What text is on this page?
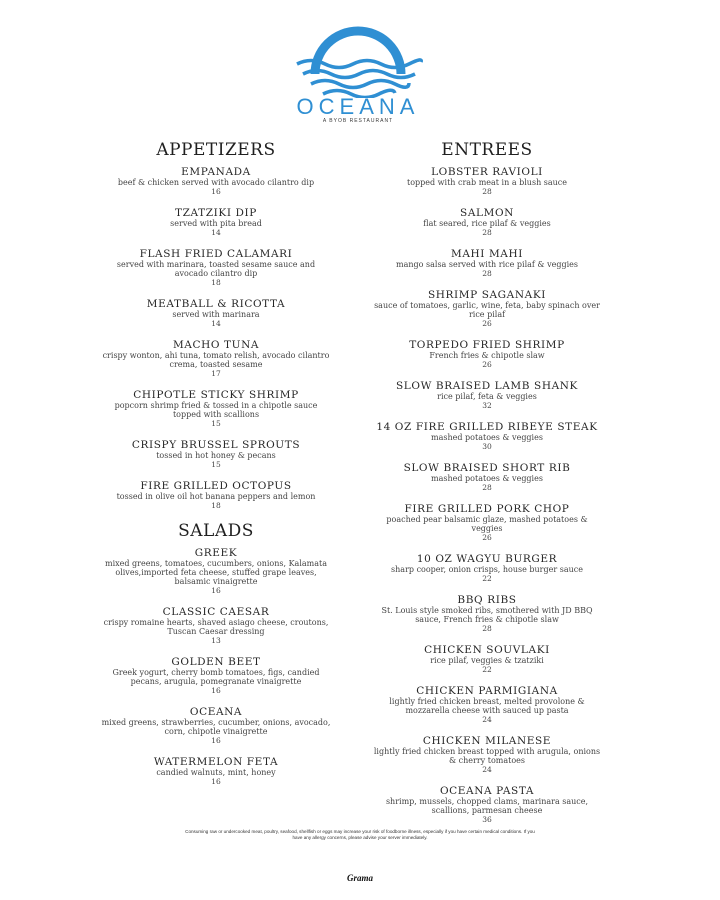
OCEANA
A BYOB RESTAURANT
APPETIZERS
EMPANADA
beef & chicken served with avocado cilantro dip
16
TZATZIKI DIP
served with pita bread
14
FLASH FRIED CALAMARI
served with marinara, toasted sesame sauce and avocado cilantro dip
18
MEATBALL & RICOTTA
served with marinara
14
MACHO TUNA
crispy wonton, ahi tuna, tomato relish, avocado cilantro crema, toasted sesame
17
CHIPOTLE STICKY SHRIMP
popcorn shrimp fried & tossed in a chipotle sauce topped with scallions
15
CRISPY BRUSSEL SPROUTS
tossed in hot honey & pecans
15
FIRE GRILLED OCTOPUS
tossed in olive oil hot banana peppers and lemon
18
SALADS
GREEK
mixed greens, tomatoes, cucumbers, onions, Kalamata olives,imported feta cheese, stuffed grape leaves, balsamic vinaigrette
16
CLASSIC CAESAR
crispy romaine hearts, shaved asiago cheese, croutons, Tuscan Caesar dressing
13
GOLDEN BEET
Greek yogurt, cherry bomb tomatoes, figs, candied pecans, arugula, pomegranate vinaigrette
16
OCEANA
mixed greens, strawberries, cucumber, onions, avocado, corn, chipotle vinaigrette
16
WATERMELON FETA
candied walnuts, mint, honey
16
ENTREES
LOBSTER RAVIOLI
topped with crab meat in a blush sauce
28
SALMON
flat seared, rice pilaf & veggies
28
MAHI MAHI
mango salsa served with rice pilaf & veggies
28
SHRIMP SAGANAKI
sauce of tomatoes, garlic, wine, feta, baby spinach over rice pilaf
26
TORPEDO FRIED SHRIMP
French fries & chipotle slaw
26
SLOW BRAISED LAMB SHANK
rice pilaf, feta & veggies
32
14 OZ FIRE GRILLED RIBEYE STEAK
mashed potatoes & veggies
30
SLOW BRAISED SHORT RIB
mashed potatoes & veggies
28
FIRE GRILLED PORK CHOP
poached pear balsamic glaze, mashed potatoes & veggies
26
10 OZ WAGYU BURGER
sharp cooper, onion crisps, house burger sauce
22
BBQ RIBS
St. Louis style smoked ribs, smothered with JD BBQ sauce, French fries & chipotle slaw
28
CHICKEN SOUVLAKI
rice pilaf, veggies & tzatziki
22
CHICKEN PARMIGIANA
lightly fried chicken breast, melted provolone & mozzarella cheese with sauced up pasta
24
CHICKEN MILANESE
lightly fried chicken breast topped with arugula, onions & cherry tomatoes
24
OCEANA PASTA
shrimp, mussels, chopped clams, marinara sauce, scallions, parmesan cheese
36
Consuming raw or undercooked meat, poultry, seafood, shellfish or eggs may increase your risk of foodborne illness, especially if you have certain medical conditions. If you have any allergy concerns, please advise your server immediately.
Grama
